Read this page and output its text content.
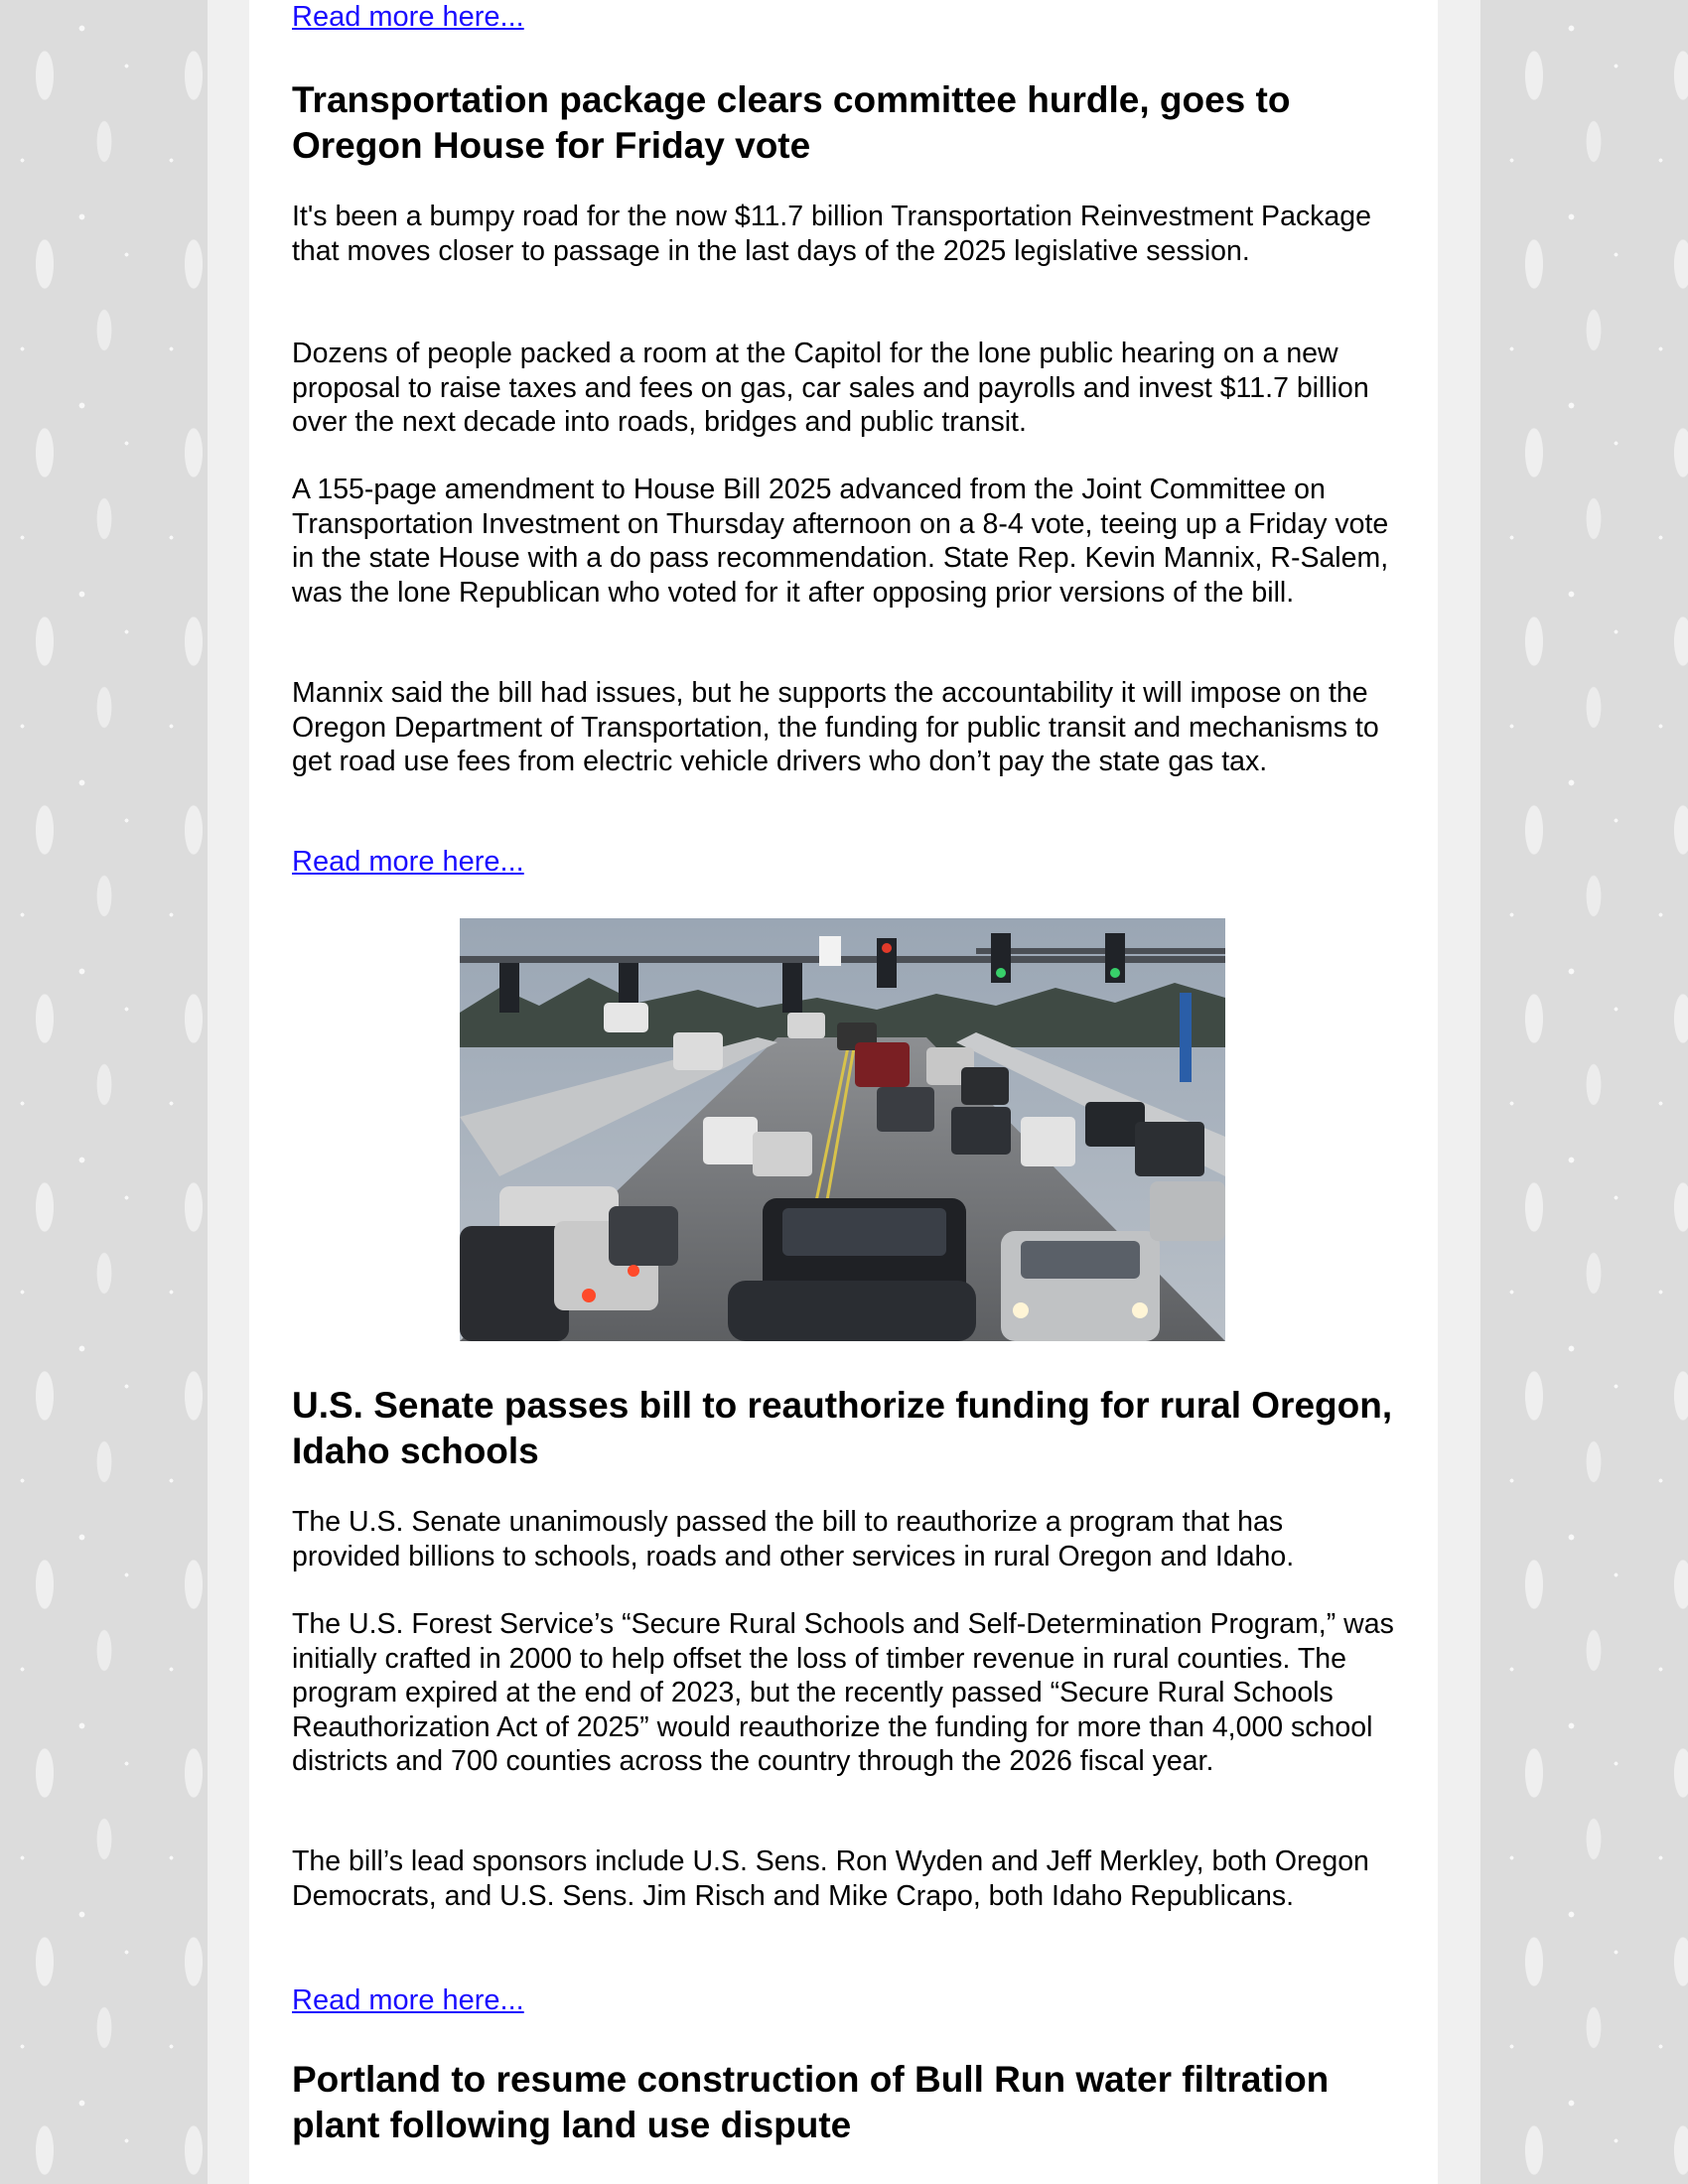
Read more here...
Transportation package clears committee hurdle, goes to Oregon House for Friday vote

It's been a bumpy road for the now $11.7 billion Transportation Reinvestment Package that moves closer to passage in the last days of the 2025 legislative session.

Dozens of people packed a room at the Capitol for the lone public hearing on a new proposal to raise taxes and fees on gas, car sales and payrolls and invest $11.7 billion over the next decade into roads, bridges and public transit.

A 155-page amendment to House Bill 2025 advanced from the Joint Committee on Transportation Investment on Thursday afternoon on a 8-4 vote, teeing up a Friday vote in the state House with a do pass recommendation. State Rep. Kevin Mannix, R-Salem, was the lone Republican who voted for it after opposing prior versions of the bill.

Mannix said the bill had issues, but he supports the accountability it will impose on the Oregon Department of Transportation, the funding for public transit and mechanisms to get road use fees from electric vehicle drivers who don’t pay the state gas tax.

Read more here...
U.S. Senate passes bill to reauthorize funding for rural Oregon, Idaho schools

The U.S. Senate unanimously passed the bill to reauthorize a program that has provided billions to schools, roads and other services in rural Oregon and Idaho.

The U.S. Forest Service’s “Secure Rural Schools and Self-Determination Program,” was initially crafted in 2000 to help offset the loss of timber revenue in rural counties. The program expired at the end of 2023, but the recently passed “Secure Rural Schools Reauthorization Act of 2025” would reauthorize the funding for more than 4,000 school districts and 700 counties across the country through the 2026 fiscal year.

The bill’s lead sponsors include U.S. Sens. Ron Wyden and Jeff Merkley, both Oregon Democrats, and U.S. Sens. Jim Risch and Mike Crapo, both Idaho Republicans.

Read more here...
Portland to resume construction of Bull Run water filtration plant following land use dispute
